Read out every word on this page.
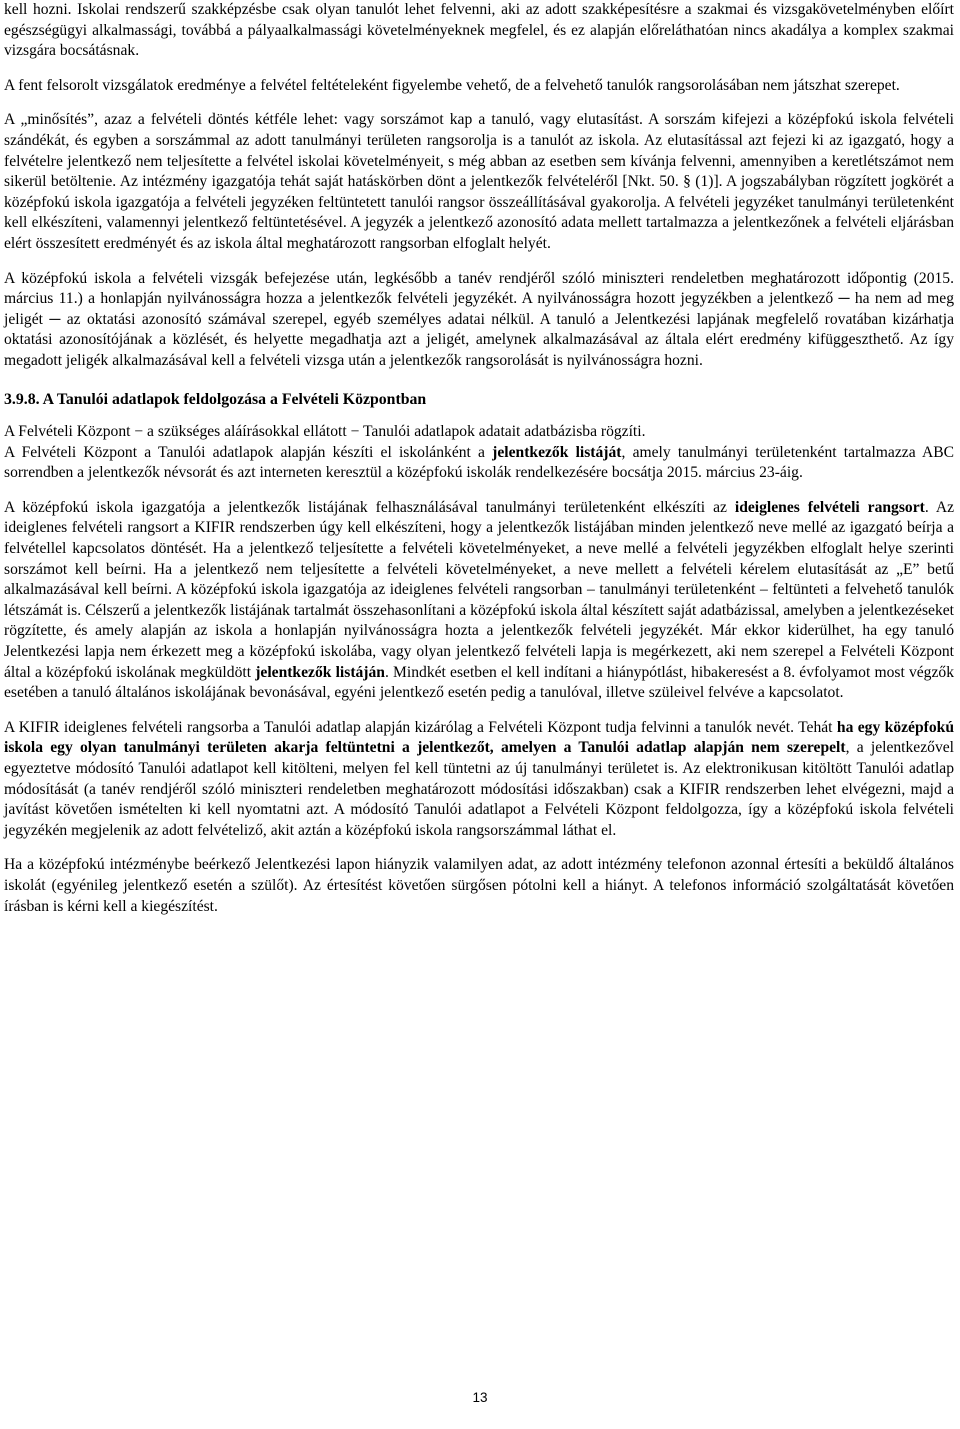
kell hozni. Iskolai rendszerű szakképzésbe csak olyan tanulót lehet felvenni, aki az adott szakképesítésre a szakmai és vizsgakövetelményben előírt egészségügyi alkalmassági, továbbá a pályaalkalmassági követelményeknek megfelel, és ez alapján előreláthatóan nincs akadálya a komplex szakmai vizsgára bocsátásnak.

A fent felsorolt vizsgálatok eredménye a felvétel feltételeként figyelembe vehető, de a felvehető tanulók rangsorolásában nem játszhat szerepet.

A „minősítés”, azaz a felvételi döntés kétféle lehet: vagy sorszámot kap a tanuló, vagy elutasítást. A sorszám kifejezi a középfokú iskola felvételi szándékát, és egyben a sorszámmal az adott tanulmányi területen rangsorolja is a tanulót az iskola. Az elutasítással azt fejezi ki az igazgató, hogy a felvételre jelentkező nem teljesítette a felvétel iskolai követelményeit, s még abban az esetben sem kívánja felvenni, amennyiben a keretlétszámot nem sikerül betöltenie. Az intézmény igazgatója tehát saját hatáskörben dönt a jelentkezők felvételéről [Nkt. 50. § (1)]. A jogszabályban rögzített jogkörét a középfokú iskola igazgatója a felvételi jegyzéken feltüntetett tanulói rangsor összeállításával gyakorolja. A felvételi jegyzéket tanulmányi területenként kell elkészíteni, valamennyi jelentkező feltüntetésével. A jegyzék a jelentkező azonosító adata mellett tartalmazza a jelentkezőnek a felvételi eljárásban elért összesített eredményét és az iskola által meghatározott rangsorban elfoglalt helyét.

A középfokú iskola a felvételi vizsgák befejezése után, legkésőbb a tanév rendjéről szóló miniszteri rendeletben meghatározott időpontig (2015. március 11.) a honlapján nyilvánosságra hozza a jelentkezők felvételi jegyzékét. A nyilvánosságra hozott jegyzékben a jelentkező ─ ha nem ad meg jeligét ─ az oktatási azonosító számával szerepel, egyéb személyes adatai nélkül. A tanuló a Jelentkezési lapjának megfelelő rovatában kizárhatja oktatási azonosítójának a közlését, és helyette megadhatja azt a jeligét, amelynek alkalmazásával az általa elért eredmény kifüggeszthető. Az így megadott jeligék alkalmazásával kell a felvételi vizsga után a jelentkezők rangsorolását is nyilvánosságra hozni.

3.9.8. A Tanulói adatlapok feldolgozása a Felvételi Központban

A Felvételi Központ − a szükséges aláírásokkal ellátott − Tanulói adatlapok adatait adatbázisba rögzíti.

A Felvételi Központ a Tanulói adatlapok alapján készíti el iskolánként a jelentkezők listáját, amely tanulmányi területenként tartalmazza ABC sorrendben a jelentkezők névsorát és azt interneten keresztül a középfokú iskolák rendelkezésére bocsátja 2015. március 23-áig.

A középfokú iskola igazgatója a jelentkezők listájának felhasználásával tanulmányi területenként elkészíti az ideiglenes felvételi rangsort. Az ideiglenes felvételi rangsort a KIFIR rendszerben úgy kell elkészíteni, hogy a jelentkezők listájában minden jelentkező neve mellé az igazgató beírja a felvétellel kapcsolatos döntését. Ha a jelentkező teljesítette a felvételi követelményeket, a neve mellé a felvételi jegyzékben elfoglalt helye szerinti sorszámot kell beírni. Ha a jelentkező nem teljesítette a felvételi követelményeket, a neve mellett a felvételi kérelem elutasítását az „E” betű alkalmazásával kell beírni. A középfokú iskola igazgatója az ideiglenes felvételi rangsorban – tanulmányi területenként – feltünteti a felvehető tanulók létszámát is. Célszerű a jelentkezők listájának tartalmát összehasonlítani a középfokú iskola által készített saját adatbázissal, amelyben a jelentkezéseket rögzítette, és amely alapján az iskola a honlapján nyilvánosságra hozta a jelentkezők felvételi jegyzékét. Már ekkor kiderülhet, ha egy tanuló Jelentkezési lapja nem érkezett meg a középfokú iskolába, vagy olyan jelentkező felvételi lapja is megérkezett, aki nem szerepel a Felvételi Központ által a középfokú iskolának megküldött jelentkezők listáján. Mindkét esetben el kell indítani a hiánypótlást, hibakeresést a 8. évfolyamot most végzők esetében a tanuló általános iskolájának bevonásával, egyéni jelentkező esetén pedig a tanulóval, illetve szüleivel felvéve a kapcsolatot.

A KIFIR ideiglenes felvételi rangsorba a Tanulói adatlap alapján kizárólag a Felvételi Központ tudja felvinni a tanulók nevét. Tehát ha egy középfokú iskola egy olyan tanulmányi területen akarja feltüntetni a jelentkezőt, amelyen a Tanulói adatlap alapján nem szerepelt, a jelentkezővel egyeztetve módosító Tanulói adatlapot kell kitölteni, melyen fel kell tüntetni az új tanulmányi területet is. Az elektronikusan kitöltött Tanulói adatlap módosítását (a tanév rendjéről szóló miniszteri rendeletben meghatározott módosítási időszakban) csak a KIFIR rendszerben lehet elvégezni, majd a javítást követően ismételten ki kell nyomtatni azt. A módosító Tanulói adatlapot a Felvételi Központ feldolgozza, így a középfokú iskola felvételi jegyzékén megjelenik az adott felvételiző, akit aztán a középfokú iskola rangsorszámmal láthat el.

Ha a középfokú intézménybe beérkező Jelentkezési lapon hiányzik valamilyen adat, az adott intézmény telefonon azonnal értesíti a beküldő általános iskolát (egyénileg jelentkező esetén a szülőt). Az értesítést követően sürgősen pótolni kell a hiányt. A telefonos információ szolgáltatását követően írásban is kérni kell a kiegészítést.

13
